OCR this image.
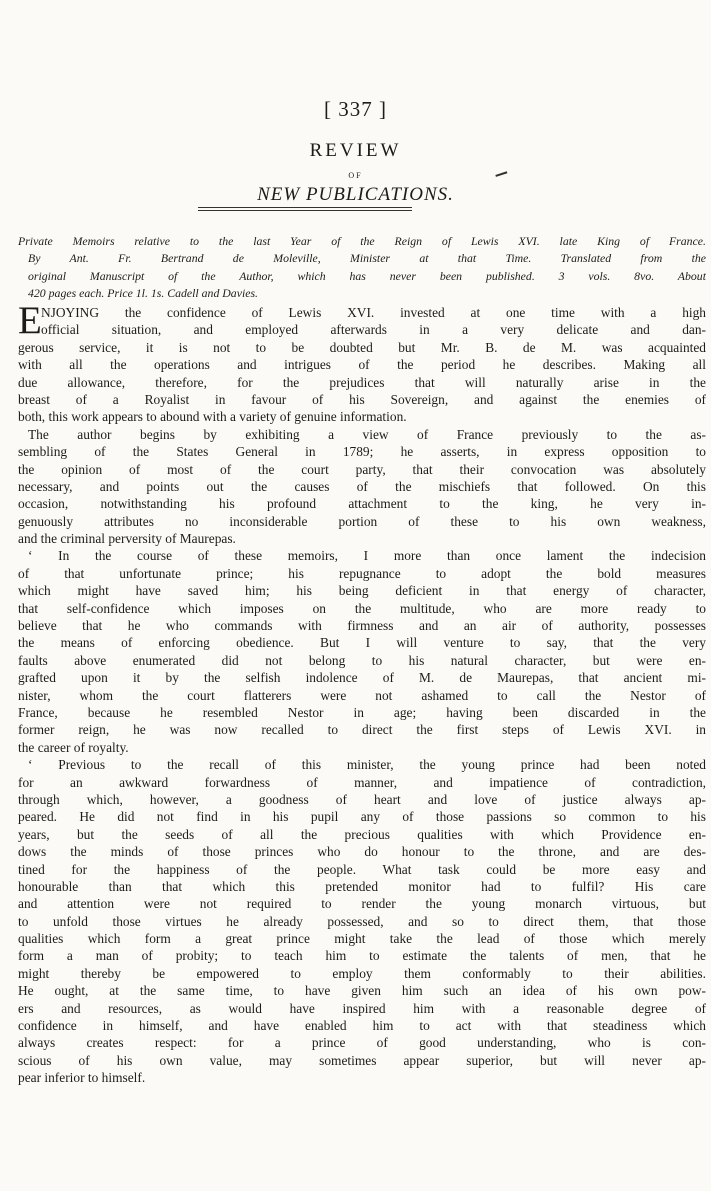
[ 337 ]
REVIEW
OF
NEW PUBLICATIONS.
Private Memoirs relative to the last Year of the Reign of Lewis XVI. late King of France.
By Ant. Fr. Bertrand de Moleville, Minister at that Time. Translated from the
original Manuscript of the Author, which has never been published. 3 vols. 8vo. About
420 pages each. Price 1l. 1s. Cadell and Davies.
E NJOYING the confidence of Lewis XVI. invested at one time with a high
official situation, and employed afterwards in a very delicate and dan-
gerous service, it is not to be doubted but Mr. B. de M. was acquainted
with all the operations and intrigues of the period he describes. Making all
due allowance, therefore, for the prejudices that will naturally arise in the
breast of a Royalist in favour of his Sovereign, and against the enemies of
both, this work appears to abound with a variety of genuine information.
The author begins by exhibiting a view of France previously to the as-
sembling of the States General in 1789; he asserts, in express opposition to
the opinion of most of the court party, that their convocation was absolutely
necessary, and points out the causes of the mischiefs that followed. On this
occasion, notwithstanding his profound attachment to the king, he very in-
genuously attributes no inconsiderable portion of these to his own weakness,
and the criminal perversity of Maurepas.
‘ In the course of these memoirs, I more than once lament the indecision
of that unfortunate prince; his repugnance to adopt the bold measures
which might have saved him; his being deficient in that energy of character,
that self-confidence which imposes on the multitude, who are more ready to
believe that he who commands with firmness and an air of authority, possesses
the means of enforcing obedience. But I will venture to say, that the very
faults above enumerated did not belong to his natural character, but were en-
grafted upon it by the selfish indolence of M. de Maurepas, that ancient mi-
nister, whom the court flatterers were not ashamed to call the Nestor of
France, because he resembled Nestor in age; having been discarded in the
former reign, he was now recalled to direct the first steps of Lewis XVI. in
the career of royalty.
‘ Previous to the recall of this minister, the young prince had been noted
for an awkward forwardness of manner, and impatience of contradiction,
through which, however, a goodness of heart and love of justice always ap-
peared. He did not find in his pupil any of those passions so common to his
years, but the seeds of all the precious qualities with which Providence en-
dows the minds of those princes who do honour to the throne, and are des-
tined for the happiness of the people. What task could be more easy and
honourable than that which this pretended monitor had to fulfil? His care
and attention were not required to render the young monarch virtuous, but
to unfold those virtues he already possessed, and so to direct them, that those
qualities which form a great prince might take the lead of those which merely
form a man of probity; to teach him to estimate the talents of men, that he
might thereby be empowered to employ them conformably to their abilities.
He ought, at the same time, to have given him such an idea of his own pow-
ers and resources, as would have inspired him with a reasonable degree of
confidence in himself, and have enabled him to act with that steadiness which
always creates respect: for a prince of good understanding, who is con-
scious of his own value, may sometimes appear superior, but will never ap-
pear inferior to himself.
